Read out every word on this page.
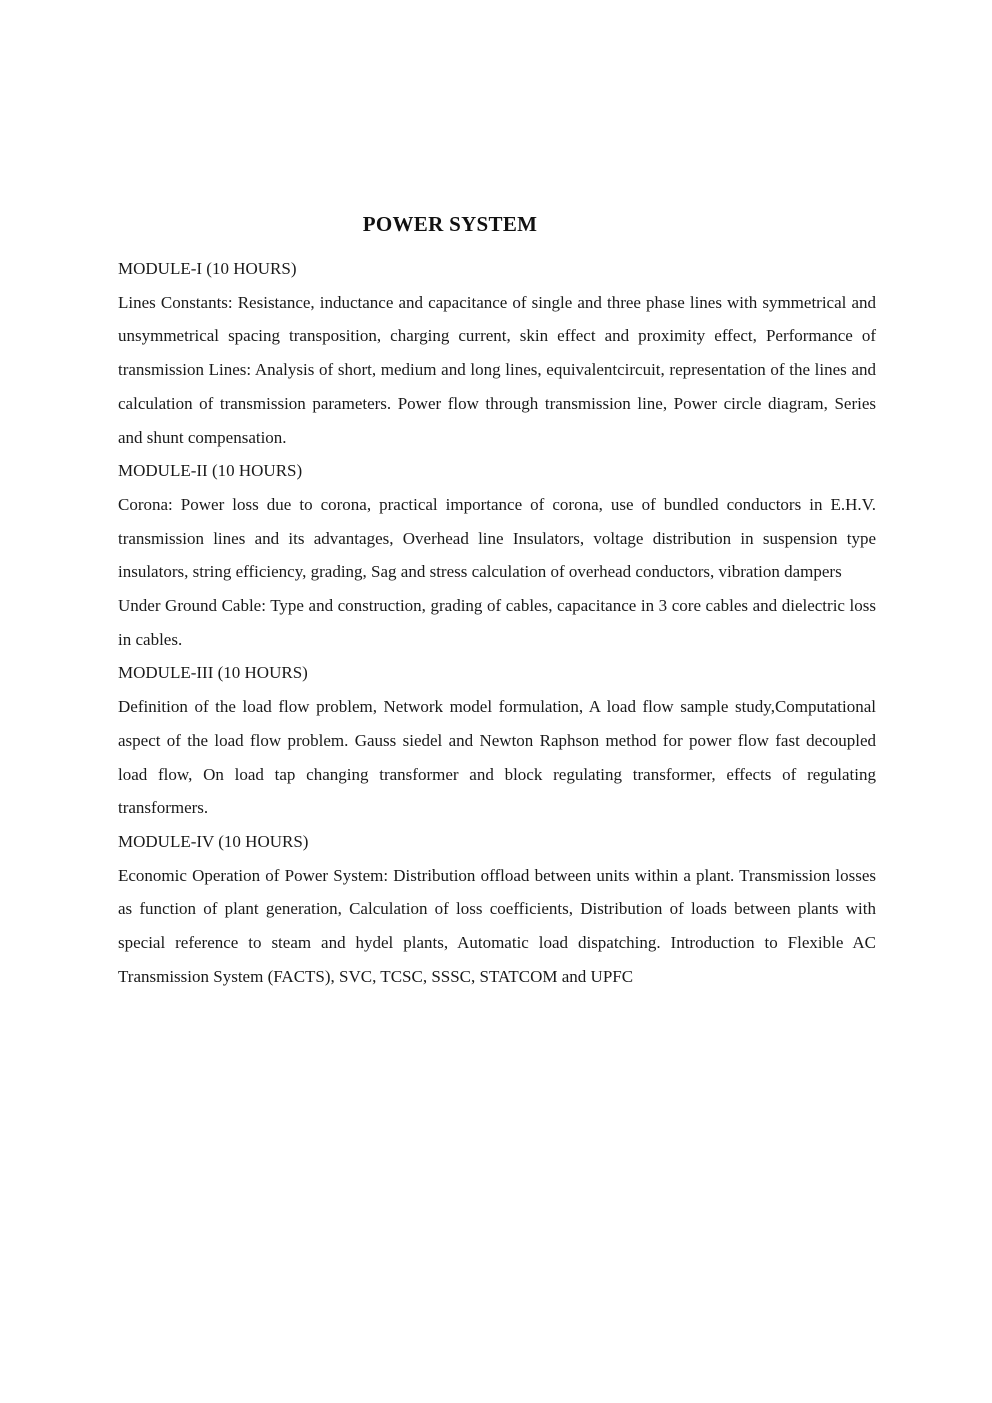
POWER SYSTEM

MODULE-I (10 HOURS)

Lines Constants: Resistance, inductance and capacitance of single and three phase lines with symmetrical and unsymmetrical spacing transposition, charging current, skin effect and proximity effect, Performance of transmission Lines: Analysis of short, medium and long lines, equivalentcircuit, representation of the lines and calculation of transmission parameters. Power flow through transmission line, Power circle diagram, Series and shunt compensation.

MODULE-II (10 HOURS)

Corona: Power loss due to corona, practical importance of corona, use of bundled conductors in E.H.V. transmission lines and its advantages, Overhead line Insulators, voltage distribution in suspension type insulators, string efficiency, grading, Sag and stress calculation of overhead conductors, vibration dampers

Under Ground Cable: Type and construction, grading of cables, capacitance in 3 core cables and dielectric loss in cables.

MODULE-III (10 HOURS)

Definition of the load flow problem, Network model formulation, A load flow sample study,Computational aspect of the load flow problem. Gauss siedel and Newton Raphson method for power flow fast decoupled load flow, On load tap changing transformer and block regulating transformer, effects of regulating transformers.

MODULE-IV (10 HOURS)

Economic Operation of Power System: Distribution offload between units within a plant. Transmission losses as function of plant generation, Calculation of loss coefficients, Distribution of loads between plants with special reference to steam and hydel plants, Automatic load dispatching. Introduction to Flexible AC Transmission System (FACTS), SVC, TCSC, SSSC, STATCOM and UPFC
